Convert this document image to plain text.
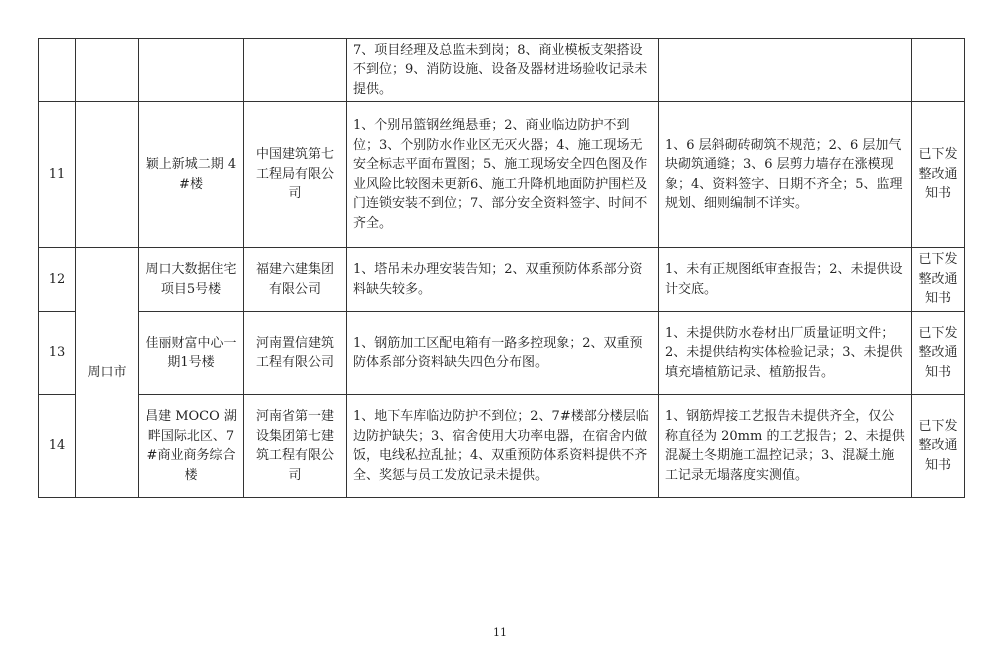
				7、项目经理及总监未到岗；8、商业模板支架搭设不到位；9、消防设施、设备及器材进场验收记录未提供。		
11		颖上新城二期 4#楼	中国建筑第七工程局有限公司	1、个别吊篮钢丝绳悬垂；2、商业临边防护不到位；3、个别防水作业区无灭火器；4、施工现场无安全标志平面布置图；5、施工现场安全四色图及作业风险比较图未更新6、施工升降机地面防护围栏及门连锁安装不到位；7、部分安全资料签字、时间不齐全。	1、6 层斜砌砖砌筑不规范；2、6 层加气块砌筑通缝；3、6 层剪力墙存在涨模现象；4、资料签字、日期不齐全；5、监理规划、细则编制不详实。	已下发整改通知书
12	周口市	周口大数据住宅项目5号楼	福建六建集团有限公司	1、塔吊未办理安装告知；2、双重预防体系部分资料缺失较多。	1、未有正规图纸审查报告；2、未提供设计交底。	已下发整改通知书
13		佳丽财富中心一期1号楼	河南置信建筑工程有限公司	1、钢筋加工区配电箱有一路多控现象；2、双重预防体系部分资料缺失四色分布图。	1、未提供防水卷材出厂质量证明文件；2、未提供结构实体检验记录；3、未提供填充墙植筋记录、植筋报告。	已下发整改通知书
14		昌建 MOCO 湖畔国际北区、7#商业商务综合楼	河南省第一建设集团第七建筑工程有限公司	1、地下车库临边防护不到位；2、7#楼部分楼层临边防护缺失；3、宿舍使用大功率电器，在宿舍内做饭，电线私拉乱扯；4、双重预防体系资料提供不齐全、奖惩与员工发放记录未提供。	1、钢筋焊接工艺报告未提供齐全，仅公称直径为 20mm 的工艺报告；2、未提供混凝土冬期施工温控记录；3、混凝土施工记录无塌落度实测值。	已下发整改通知书
11
